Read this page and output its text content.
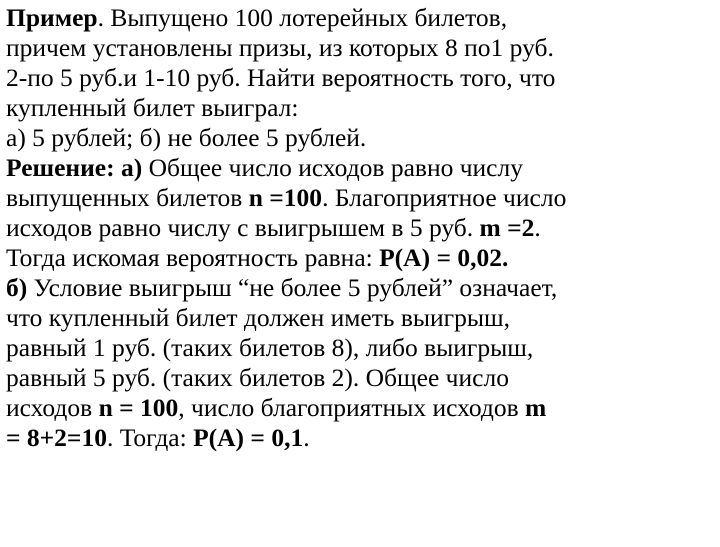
Пример. Выпущено 100 лотерейных билетов,
причем установлены призы, из которых 8 по1 руб.
2-по 5 руб.и 1-10 руб. Найти вероятность того, что
купленный билет выиграл:
а) 5 рублей; б) не более 5 рублей.
Решение: а) Общее число исходов равно числу
выпущенных билетов n =100. Благоприятное число
исходов равно числу с выигрышем в 5 руб. m =2.
Тогда искомая вероятность равна: P(A) = 0,02.
б) Условие выигрыш “не более 5 рублей” означает,
что купленный билет должен иметь выигрыш,
равный 1 руб. (таких билетов 8), либо выигрыш,
равный 5 руб. (таких билетов 2). Общее число
исходов n = 100, число благоприятных исходов m
= 8+2=10. Тогда: P(A) = 0,1.
